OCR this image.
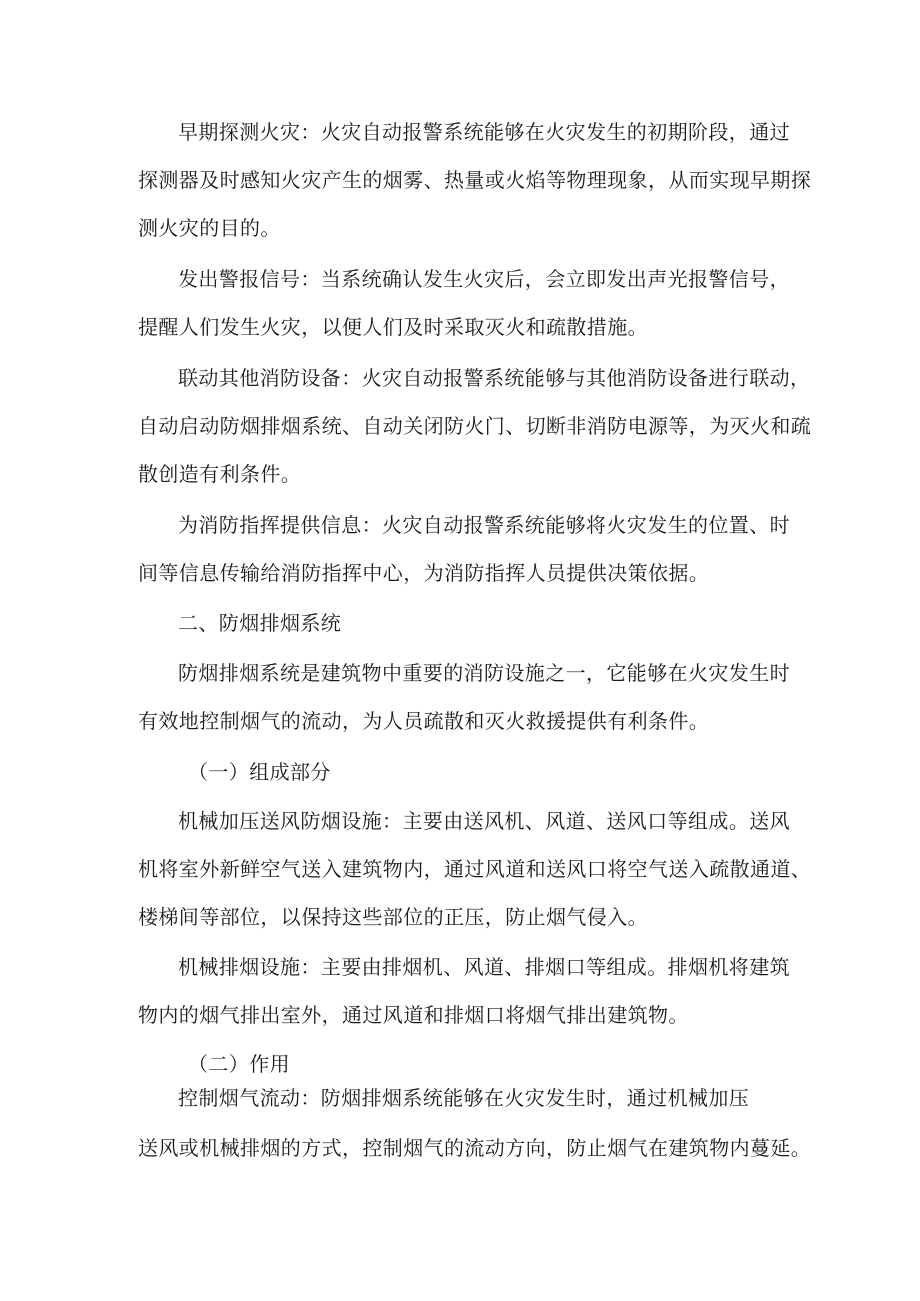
早期探测火灾：火灾自动报警系统能够在火灾发生的初期阶段，通过
探测器及时感知火灾产生的烟雾、热量或火焰等物理现象，从而实现早期探
测火灾的目的。
发出警报信号：当系统确认发生火灾后，会立即发出声光报警信号，
提醒人们发生火灾，以便人们及时采取灭火和疏散措施。
联动其他消防设备：火灾自动报警系统能够与其他消防设备进行联动，
自动启动防烟排烟系统、自动关闭防火门、切断非消防电源等，为灭火和疏
散创造有利条件。
为消防指挥提供信息：火灾自动报警系统能够将火灾发生的位置、时
间等信息传输给消防指挥中心，为消防指挥人员提供决策依据。
二、防烟排烟系统
防烟排烟系统是建筑物中重要的消防设施之一，它能够在火灾发生时
有效地控制烟气的流动，为人员疏散和灭火救援提供有利条件。
（一）组成部分
机械加压送风防烟设施：主要由送风机、风道、送风口等组成。送风
机将室外新鲜空气送入建筑物内，通过风道和送风口将空气送入疏散通道、
楼梯间等部位，以保持这些部位的正压，防止烟气侵入。
机械排烟设施：主要由排烟机、风道、排烟口等组成。排烟机将建筑
物内的烟气排出室外，通过风道和排烟口将烟气排出建筑物。
（二）作用
控制烟气流动：防烟排烟系统能够在火灾发生时，通过机械加压
送风或机械排烟的方式，控制烟气的流动方向，防止烟气在建筑物内蔓延。
